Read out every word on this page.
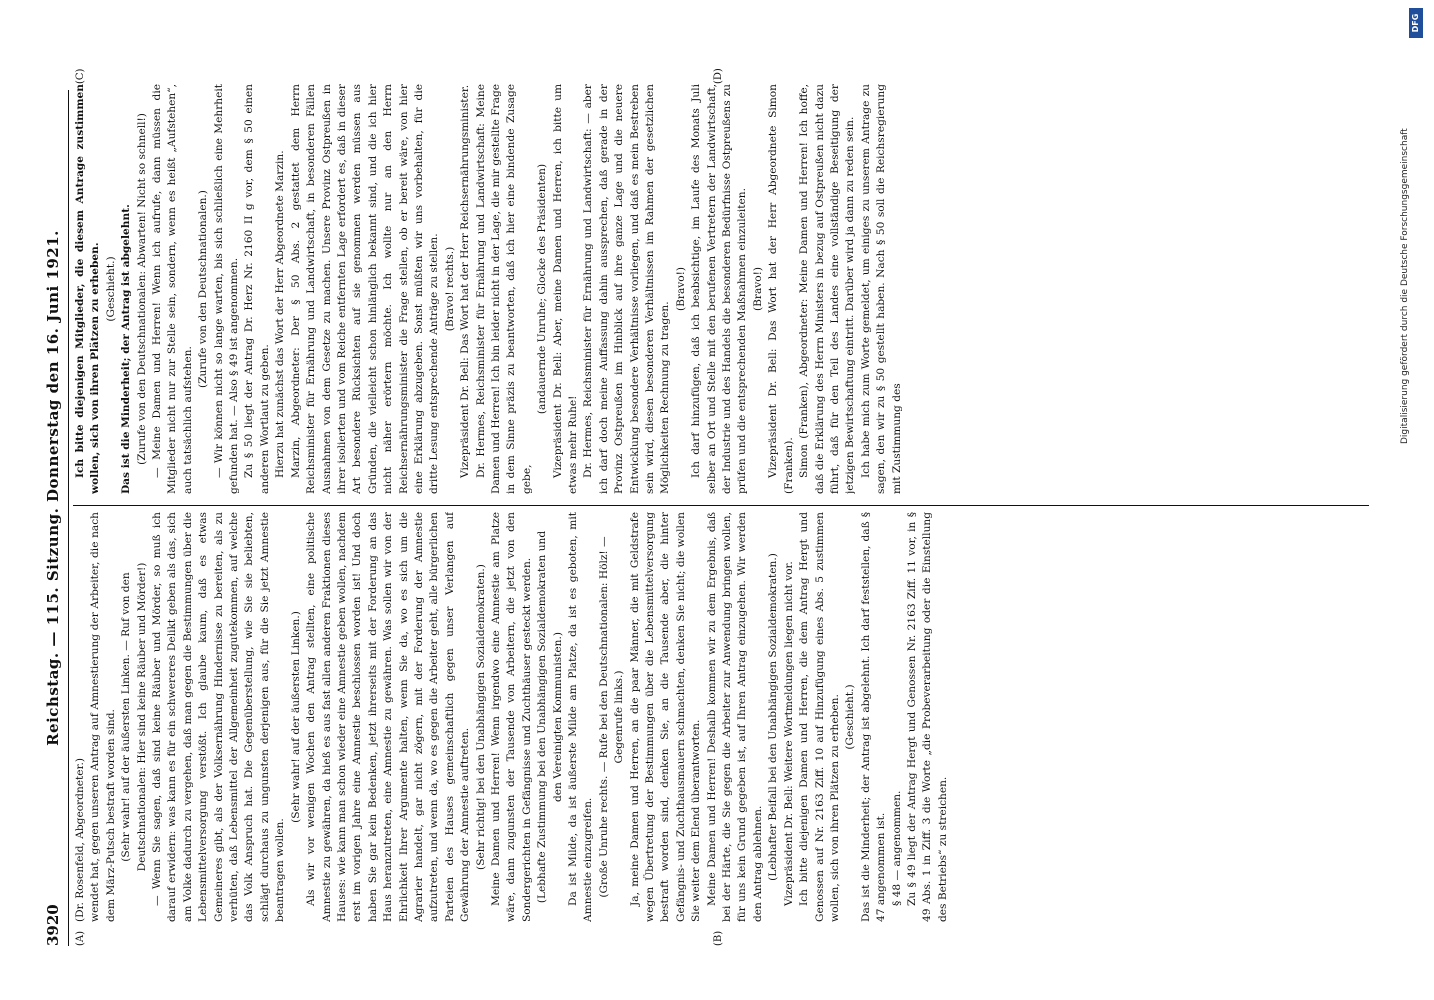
3920
Reichstag. — 115. Sitzung. Donnerstag den 16. Juni 1921.
(A)	(B)
(C)	(D)

(Dr. Rosenfeld, Abgeordneter.) wendet hat, gegen unseren Antrag auf Amnestierung der Arbeiter, die nach dem März-Putsch bestraft worden sind. (Sehr wahr! auf der äußersten Linken. — Ruf von den Deutschnationalen: Hier sind keine Räuber und Mörder!) — Wenn Sie sagen, daß sind keine Räuber und Mörder, so muß ich darauf erwidern: was kann es für ein schwereres Delikt geben als das, sich am Volke dadurch zu vergehen, daß man gegen die Bestimmungen über die Lebensmittelversorgung verstößt. Ich glaube kaum, daß es etwas Gemeineres gibt, als der Volksernährung Hindernisse zu bereiten, als zu verhüten, daß Lebensmittel der Allgemeinheit zugutekommen, auf welche das Volk Anspruch hat. Die Gegenüberstellung, wie Sie sie beliebten, schlägt durchaus zu ungunsten derjenigen aus, für die Sie jetzt Amnestie beantragen wollen.

(Sehr wahr! auf der äußersten Linken.) Als wir vor wenigen Wochen den Antrag stellten, eine politische Amnestie zu gewähren, da hieß es aus fast allen anderen Fraktionen dieses Hauses: wie kann man schon wieder eine Amnestie geben wollen, nachdem erst im vorigen Jahre eine Amnestie beschlossen worden ist! Und doch haben Sie gar kein Bedenken, jetzt ihrerseits mit der Forderung an das Haus heranzutreten, eine Amnestie zu gewähren. Was sollen wir von der Ehrlichkeit Ihrer Argumente halten, wenn Sie da, wo es sich um die Agrarier handelt, gar nicht zögern, mit der Forderung der Amnestie aufzutreten, und wenn da, wo es gegen die Arbeiter geht, alle bürgerlichen Parteien des Hauses gemeinschaftlich gegen unser Verlangen auf Gewährung der Amnestie auftreten. (Sehr richtig! bei den Unabhängigen Sozialdemokraten.) Meine Damen und Herren! Wenn irgendwo eine Amnestie am Platze wäre, dann zugunsten der Tausende von Arbeitern, die jetzt von den Sondergerichten in Gefängnisse und Zuchthäuser gesteckt werden. (Lebhafte Zustimmung bei den Unabhängigen Sozialdemokraten und den Vereinigten Kommunisten.) Da ist Milde, da ist äußerste Milde am Platze, da ist es geboten, mit Amnestie einzugreifen. (Große Unruhe rechts. — Rufe bei den Deutschnationalen: Hölz! — Gegenrufe links.) Ja, meine Damen und Herren, an die paar Männer, die mit Geldstrafe wegen Übertretung der Bestimmungen über die Lebensmittelversorgung bestraft worden sind, denken Sie, an die Tausende aber, die hinter Gefängnis- und Zuchthausmauern schmachten, denken Sie nicht; die wollen Sie weiter dem Elend überantworten. Meine Damen und Herren! Deshalb kommen wir zu dem Ergebnis, daß bei der Härte, die Sie gegen die Arbeiter zur Anwendung bringen wollen, für uns kein Grund gegeben ist, auf Ihren Antrag einzugehen. Wir werden den Antrag ablehnen. (Lebhafter Beifall bei den Unabhängigen Sozialdemokraten.) Vizepräsident Dr. Bell: Weitere Wortmeldungen liegen nicht vor. Ich bitte diejenigen Damen und Herren, die dem Antrag Hergt und Genossen auf Nr. 2163 Ziff. 10 auf Hinzufügung eines Abs. 5 zustimmen wollen, sich von ihren Plätzen zu erheben. (Geschieht.) Das ist die Minderheit; der Antrag ist abgelehnt. Ich darf feststellen, daß § 47 angenommen ist. § 48 — angenommen. Zu § 49 liegt der Antrag Hergt und Genossen Nr. 2163 Ziff. 11 vor, in § 49 Abs. 1 in Ziff. 3 die Worte „die Probeverarbeitung oder die Einstellung des Betriebs“ zu streichen.

Ich bitte diejenigen Mitglieder, die diesem Antrage zustimmen wollen, sich von ihren Plätzen zu erheben. (Geschieht.) Das ist die Minderheit; der Antrag ist abgelehnt. (Zurufe von den Deutschnationalen: Abwarten! Nicht so schnell!) — Meine Damen und Herren! Wenn ich aufrufe, dann müssen die Mitglieder nicht nur zur Stelle sein, sondern, wenn es heißt „Aufstehen“, auch tatsächlich aufstehen.

(Zurufe von den Deutschnationalen.) — Wir können nicht so lange warten, bis sich schließlich eine Mehrheit gefunden hat. — Also § 49 ist angenommen. Zu § 50 liegt der Antrag Dr. Herz Nr. 2160 II g vor, dem § 50 einen anderen Wortlaut zu geben. Hierzu hat zunächst das Wort der Herr Abgeordnete Marzin. Marzin, Abgeordneter: Der § 50 Abs. 2 gestattet dem Herrn Reichsminister für Ernährung und Landwirtschaft, in besonderen Fällen Ausnahmen von dem Gesetze zu machen. Unsere Provinz Ostpreußen in ihrer isolierten und vom Reiche entfernten Lage erfordert es, daß in dieser Art besondere Rücksichten auf sie genommen werden müssen aus Gründen, die vielleicht schon hinlänglich bekannt sind, und die ich hier nicht näher erörtern möchte. Ich wollte nur an den Herrn Reichsernährungsminister die Frage stellen, ob er bereit wäre, von hier eine Erklärung abzugeben. Sonst müßten wir uns vorbehalten, für die dritte Lesung entsprechende Anträge zu stellen. (Bravo! rechts.) Vizepräsident Dr. Bell: Das Wort hat der Herr Reichsernährungsminister. Dr. Hermes, Reichsminister für Ernährung und Landwirtschaft: Meine Damen und Herren! Ich bin leider nicht in der Lage, die mir gestellte Frage in dem Sinne präzis zu beantworten, daß ich hier eine bindende Zusage gebe,

(andauernde Unruhe; Glocke des Präsidenten) Vizepräsident Dr. Bell: Aber, meine Damen und Herren, ich bitte um etwas mehr Ruhe! Dr. Hermes, Reichsminister für Ernährung und Landwirtschaft: — aber ich darf doch meine Auffassung dahin aussprechen, daß gerade in der Provinz Ostpreußen im Hinblick auf ihre ganze Lage und die neuere Entwicklung besondere Verhältnisse vorliegen, und daß es mein Bestreben sein wird, diesen besonderen Verhältnissen im Rahmen der gesetzlichen Möglichkeiten Rechnung zu tragen.

(Bravo!) Ich darf hinzufügen, daß ich beabsichtige, im Laufe des Monats Juli selber an Ort und Stelle mit den berufenen Vertretern der Landwirtschaft, der Industrie und des Handels die besonderen Bedürfnisse Ostpreußens zu prüfen und die entsprechenden Maßnahmen einzuleiten. (Bravo!) Vizepräsident Dr. Bell: Das Wort hat der Herr Abgeordnete Simon (Franken). Simon (Franken), Abgeordneter: Meine Damen und Herren! Ich hoffe, daß die Erklärung des Herrn Ministers in bezug auf Ostpreußen nicht dazu führt, daß für den Teil des Landes eine vollständige Beseitigung der jetzigen Bewirtschaftung eintritt. Darüber wird ja dann zu reden sein. Ich habe mich zum Worte gemeldet, um einiges zu unserem Antrage zu sagen, den wir zu § 50 gestellt haben. Nach § 50 soll die Reichsregierung mit Zustimmung des	Digitalisierung gefördert durch die Deutsche Forschungsgemeinschaft
DFG
